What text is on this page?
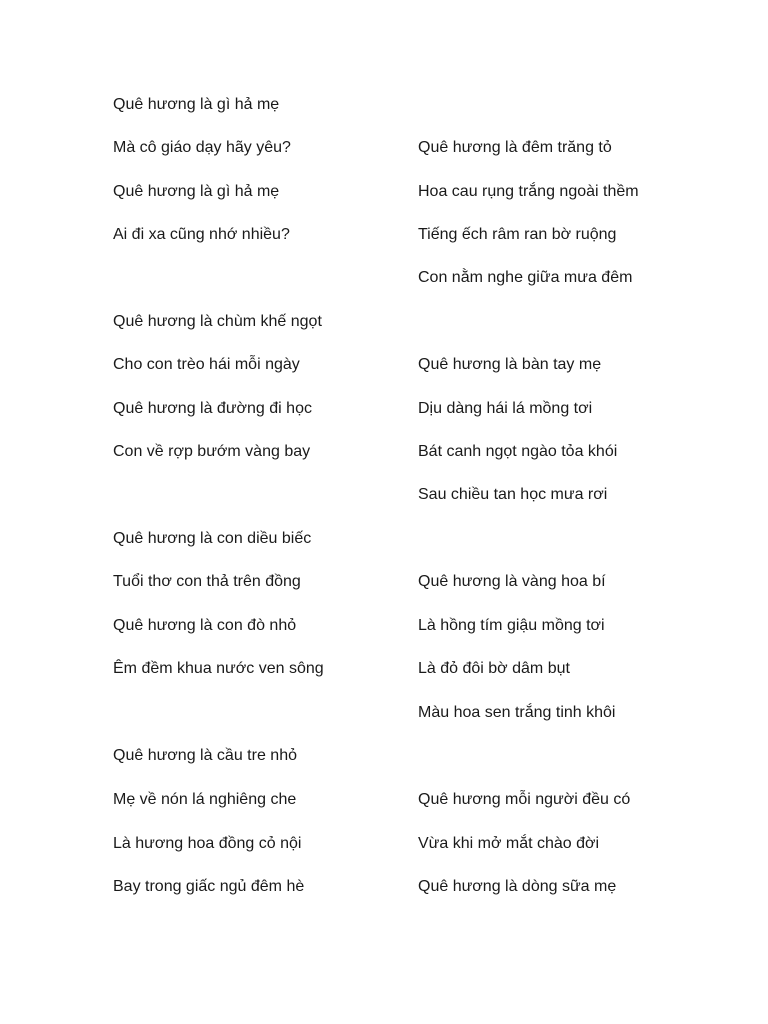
Quê hương là gì hả mẹ
Mà cô giáo dạy hãy yêu?
Quê hương là gì hả mẹ
Ai đi xa cũng nhớ nhiều?
Quê hương là chùm khế ngọt
Cho con trèo hái mỗi ngày
Quê hương là đường đi học
Con về rợp bướm vàng bay
Quê hương là con diều biếc
Tuổi thơ con thả trên đồng
Quê hương là con đò nhỏ
Êm đềm khua nước ven sông
Quê hương là cầu tre nhỏ
Mẹ về nón lá nghiêng che
Là hương hoa đồng cỏ nội
Bay trong giấc ngủ đêm hè
Quê hương là đêm trăng tỏ
Hoa cau rụng trắng ngoài thềm
Tiếng ếch râm ran bờ ruộng
Con nằm nghe giữa mưa đêm
Quê hương là bàn tay mẹ
Dịu dàng hái lá mồng tơi
Bát canh ngọt ngào tỏa khói
Sau chiều tan học mưa rơi
Quê hương là vàng hoa bí
Là hồng tím giậu mồng tơi
Là đỏ đôi bờ dâm bụt
Màu hoa sen trắng tinh khôi
Quê hương mỗi người đều có
Vừa khi mở mắt chào đời
Quê hương là dòng sữa mẹ
